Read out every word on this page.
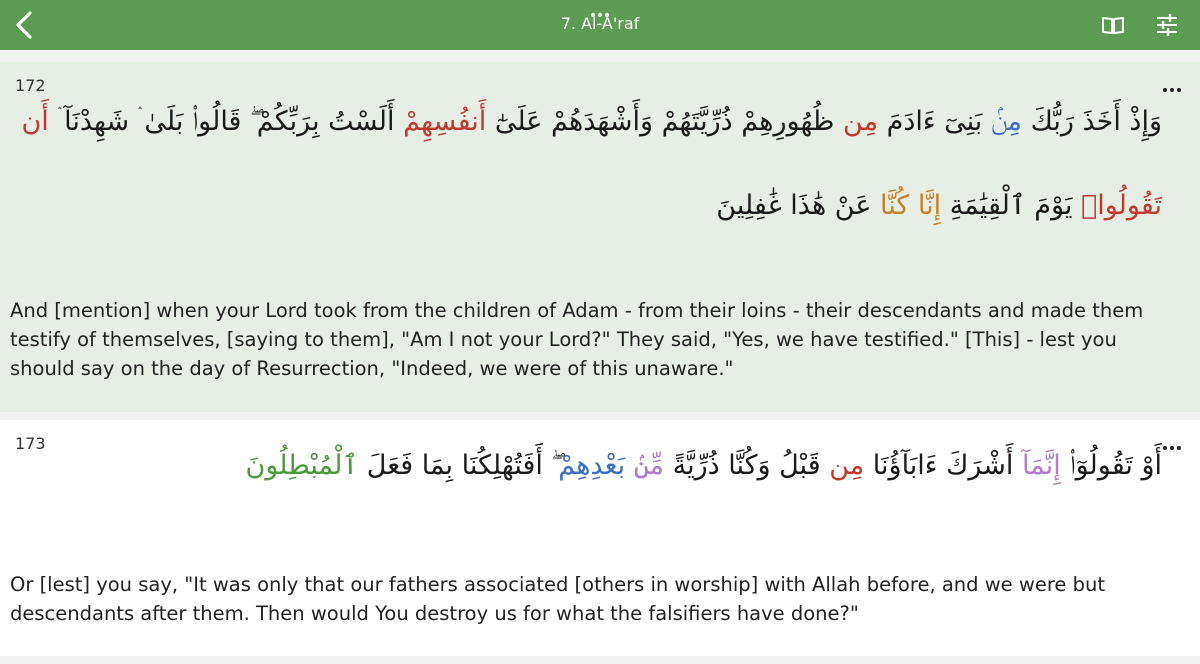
7. Al-A'raf
172
وَإِذْ أَخَذَ رَبُّكَ مِنۢ بَنِىٓ ءَادَمَ مِن ظُهُورِهِمْ ذُرِّيَّتَهُمْ وَأَشْهَدَهُمْ عَلَىٰٓ أَنفُسِهِمْ أَلَسْتُ بِرَبِّكُمْ ۖ قَالُوا۟ بَلَىٰ ۛ شَهِدْنَآ ۛ أَن
تَقُولُوا۟ يَوْمَ ٱلْقِيَٰمَةِ إِنَّا كُنَّا عَنْ هَٰذَا غَٰفِلِينَ
And [mention] when your Lord took from the children of Adam - from their loins - their descendants and made them testify of themselves, [saying to them], "Am I not your Lord?" They said, "Yes, we have testified." [This] - lest you should say on the day of Resurrection, "Indeed, we were of this unaware."
173
أَوْ تَقُولُوٓا۟ إِنَّمَآ أَشْرَكَ ءَابَآؤُنَا مِن قَبْلُ وَكُنَّا ذُرِّيَّةً مِّنۢ بَعْدِهِمْ ۖ أَفَتُهْلِكُنَا بِمَا فَعَلَ ٱلْمُبْطِلُونَ
Or [lest] you say, "It was only that our fathers associated [others in worship] with Allah before, and we were but descendants after them. Then would You destroy us for what the falsifiers have done?"
